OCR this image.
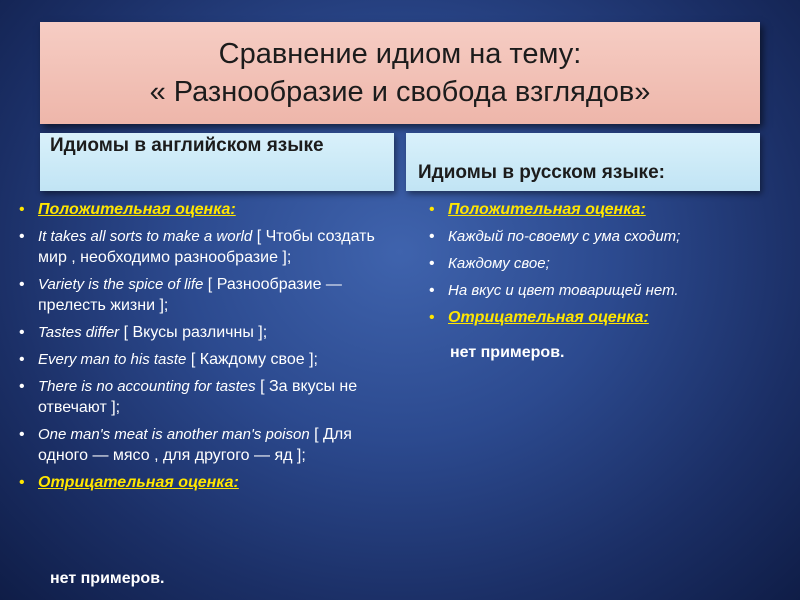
Сравнение идиом на тему:
« Разнообразие и свобода взглядов»
Идиомы в английском языке
Идиомы в русском языке:
• Положительная оценка:
• It takes all sorts to make a world [ Чтобы создать мир , необходимо разнообразие ];
• Variety is the spice of life [ Разнообразие — прелесть жизни ];
• Tastes differ [ Вкусы различны ];
• Every man to his taste [ Каждому свое ];
• There is no accounting for tastes [ За вкусы не отвечают ];
• One man's meat is another man's poison [ Для одного — мясо , для другого — яд ];
• Отрицательная оценка:
нет примеров.
• Положительная оценка:
• Каждый по-своему с ума сходит;
• Каждому свое;
• На вкус и цвет товарищей нет.
• Отрицательная оценка:
нет примеров.
